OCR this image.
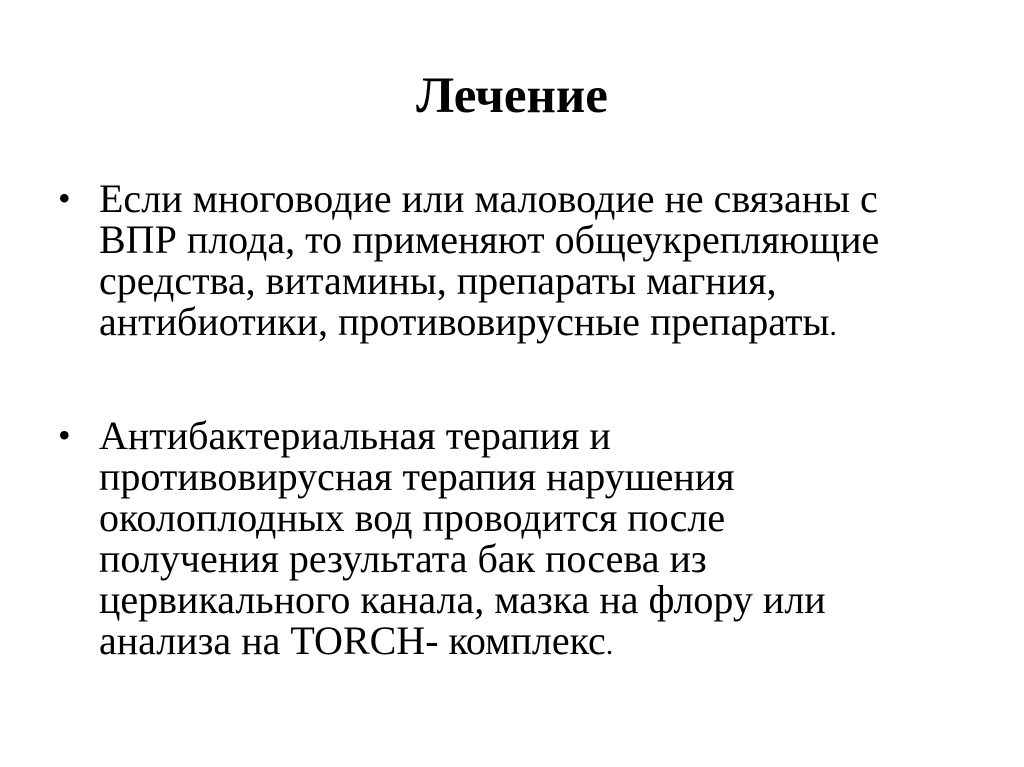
Лечение
• Если многоводие или маловодие не связаны с
ВПР плода, то применяют общеукрепляющие
средства, витамины, препараты магния,
антибиотики, противовирусные препараты.
• Антибактериальная терапия и
противовирусная терапия нарушения
околоплодных вод проводится после
получения результата бак посева из
цервикального канала, мазка на флору или
анализа на TORCH- комплекс.
